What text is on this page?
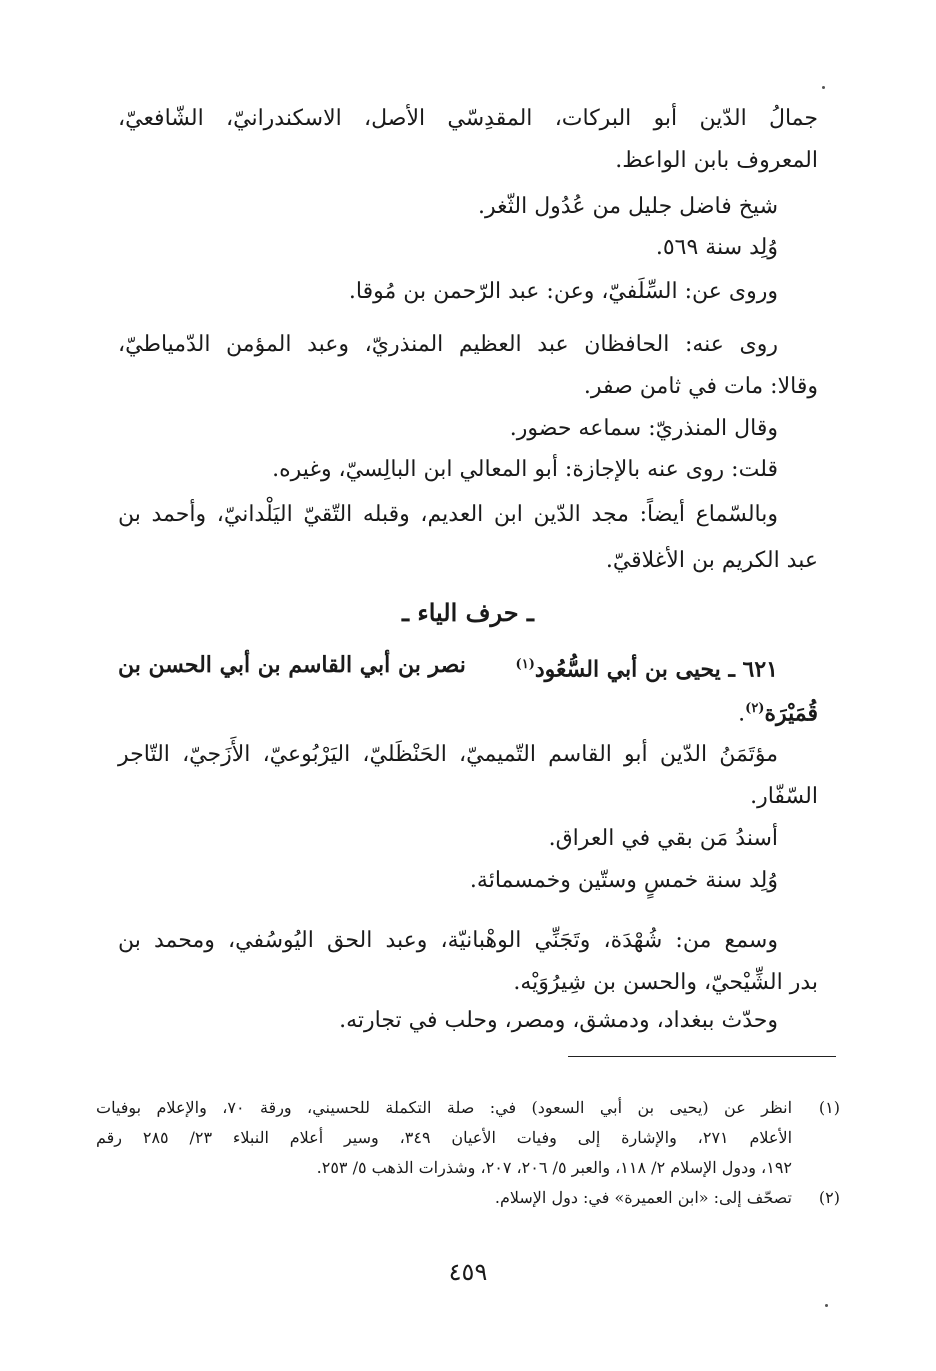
جمالُ الدّين أبو البركات، المقدِسّي الأصل، الاسكندرانيّ، الشّافعيّ،
المعروف بابن الواعظ.
شيخ فاضل جليل من عُدُول الثّغر.
وُلِد سنة ٥٦٩.
وروى عن: السِّلَفيّ، وعن: عبد الرّحمن بن مُوقا.
روى عنه: الحافظان عبد العظيم المنذريّ، وعبد المؤمن الدّمياطيّ،
وقالا: مات في ثامن صفر.
وقال المنذريّ: سماعه حضور.
قلت: روى عنه بالإجازة: أبو المعالي ابن البالِسيّ، وغيره.
وبالسّماع أيضاً: مجد الدّين ابن العديم، وقبله التّقيّ اليَلْدانيّ، وأحمد بن
عبد الكريم بن الأغلاقيّ.
ـ حرف الياء ـ
٦٢١ ـ يحيى بن أبي السُّعُود$^{(١)}$
نصر بن أبي القاسم بن أبي الحسن بن
قُمَيْرَة$^{(٢)}$.
مؤتَمَنُ الدّين أبو القاسم التّميميّ، الحَنْظَليّ، اليَرْبُوعيّ، الأَزَجيّ، التّاجر
السّفّار.
أسندُ مَن بقي في العراق.
وُلِد سنة خمسٍ وستّين وخمسمائة.
وسمع من: شُهْدَة، وتَجَنِّي الوهْبانيّة، وعبد الحق اليُوسُفي، ومحمد بن
بدر الشِّيْحيّ، والحسن بن شِيرُوَيْه.
وحدّث ببغداد، ودمشق، ومصر، وحلب في تجارته.
(١)
انظر عن (يحيى بن أبي السعود) في: صلة التكملة للحسيني، ورقة ٧٠، والإعلام بوفيات
الأعلام ٢٧١، والإشارة إلى وفيات الأعيان ٣٤٩، وسير أعلام النبلاء ٢٣/ ٢٨٥ رقم
١٩٢، ودول الإسلام ٢/ ١١٨، والعبر ٥/ ٢٠٦، ٢٠٧، وشذرات الذهب ٥/ ٢٥٣.
(٢)
تصحّف إلى: «ابن العميرة» في: دول الإسلام.
٤٥٩
